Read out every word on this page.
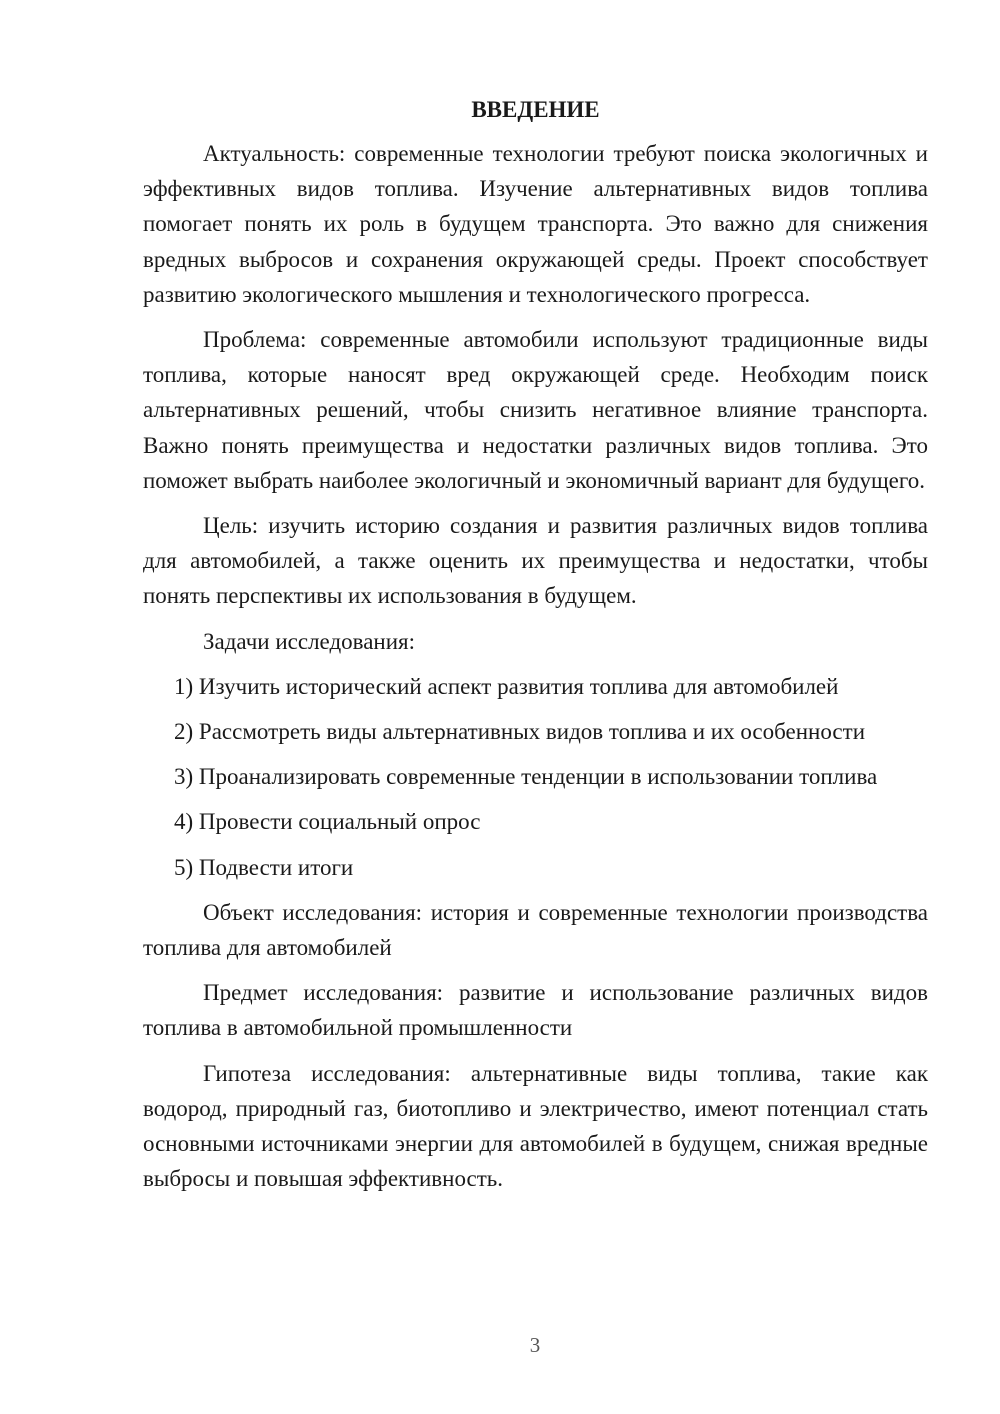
ВВЕДЕНИЕ

Актуальность: современные технологии требуют поиска экологичных и эффективных видов топлива. Изучение альтернативных видов топлива помогает понять их роль в будущем транспорта. Это важно для снижения вредных выбросов и сохранения окружающей среды. Проект способствует развитию экологического мышления и технологического прогресса.

Проблема: современные автомобили используют традиционные виды топлива, которые наносят вред окружающей среде. Необходим поиск альтернативных решений, чтобы снизить негативное влияние транспорта. Важно понять преимущества и недостатки различных видов топлива. Это поможет выбрать наиболее экологичный и экономичный вариант для будущего.

Цель: изучить историю создания и развития различных видов топлива для автомобилей, а также оценить их преимущества и недостатки, чтобы понять перспективы их использования в будущем.

Задачи исследования:

1) Изучить исторический аспект развития топлива для автомобилей

2) Рассмотреть виды альтернативных видов топлива и их особенности

3) Проанализировать современные тенденции в использовании топлива

4) Провести социальный опрос

5) Подвести итоги

Объект исследования: история и современные технологии производства топлива для автомобилей

Предмет исследования: развитие и использование различных видов топлива в автомобильной промышленности

Гипотеза исследования: альтернативные виды топлива, такие как водород, природный газ, биотопливо и электричество, имеют потенциал стать основными источниками энергии для автомобилей в будущем, снижая вредные выбросы и повышая эффективность.

3
